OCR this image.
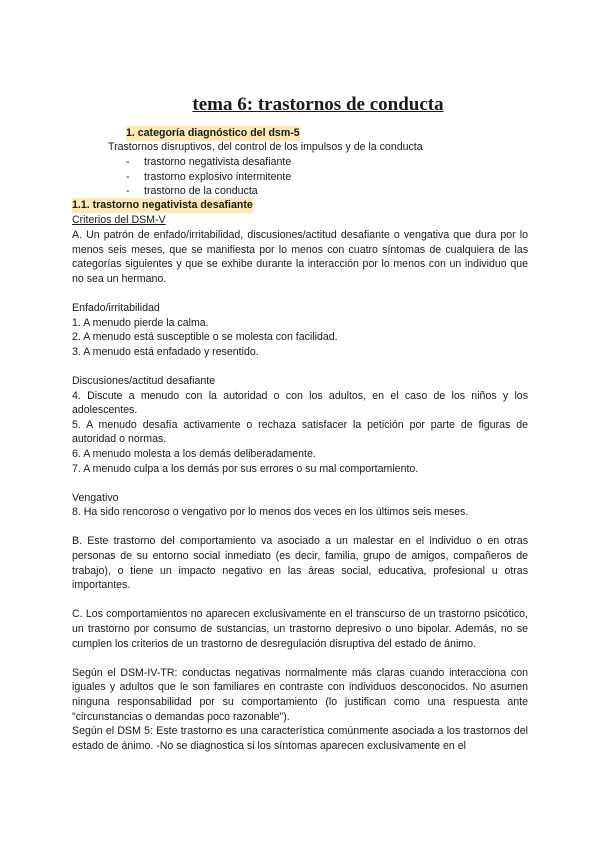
tema 6: trastornos de conducta
1. categoría diagnóstico del dsm-5
Trastornos disruptivos, del control de los impulsos y de la conducta
- trastorno negativista desafiante
- trastorno explosivo intermitente
- trastorno de la conducta
1.1. trastorno negativista desafiante
Criterios del DSM-V

A. Un patrón de enfado/irritabilidad, discusiones/actitud desafiante o vengativa que dura por lo menos seis meses, que se manifiesta por lo menos con cuatro síntomas de cualquiera de las categorías siguientes y que se exhibe durante la interacción por lo menos con un individuo que no sea un hermano.

Enfado/irritabilidad

1. A menudo pierde la calma.

2. A menudo está susceptible o se molesta con facilidad.

3. A menudo está enfadado y resentido.

Discusiones/actitud desafiante

4. Discute a menudo con la autoridad o con los adultos, en el caso de los niños y los adolescentes.

5. A menudo desafía activamente o rechaza satisfacer la petición por parte de figuras de autoridad o normas.

6. A menudo molesta a los demás deliberadamente.

7. A menudo culpa a los demás por sus errores o su mal comportamiento.

Vengativo

8. Ha sido rencoroso o vengativo por lo menos dos veces en los últimos seis meses.

B. Este trastorno del comportamiento va asociado a un malestar en el individuo o en otras personas de su entorno social inmediato (es decir, familia, grupo de amigos, compañeros de trabajo), o tiene un impacto negativo en las áreas social, educativa, profesional u otras importantes.

C. Los comportamientos no aparecen exclusivamente en el transcurso de un trastorno psicótico, un trastorno por consumo de sustancias, un trastorno depresivo o uno bipolar. Además, no se cumplen los criterios de un trastorno de desregulación disruptiva del estado de ánimo.

Según el DSM-IV-TR: conductas negativas normalmente más claras cuando interacciona con iguales y adultos que le son familiares en contraste con individuos desconocidos. No asumen ninguna responsabilidad por su comportamiento (lo justifican como una respuesta ante "circunstancias o demandas poco razonable").

Según el DSM 5: Este trastorno es una característica comúnmente asociada a los trastornos del estado de ánimo. -No se diagnostica si los síntomas aparecen exclusivamente en el
